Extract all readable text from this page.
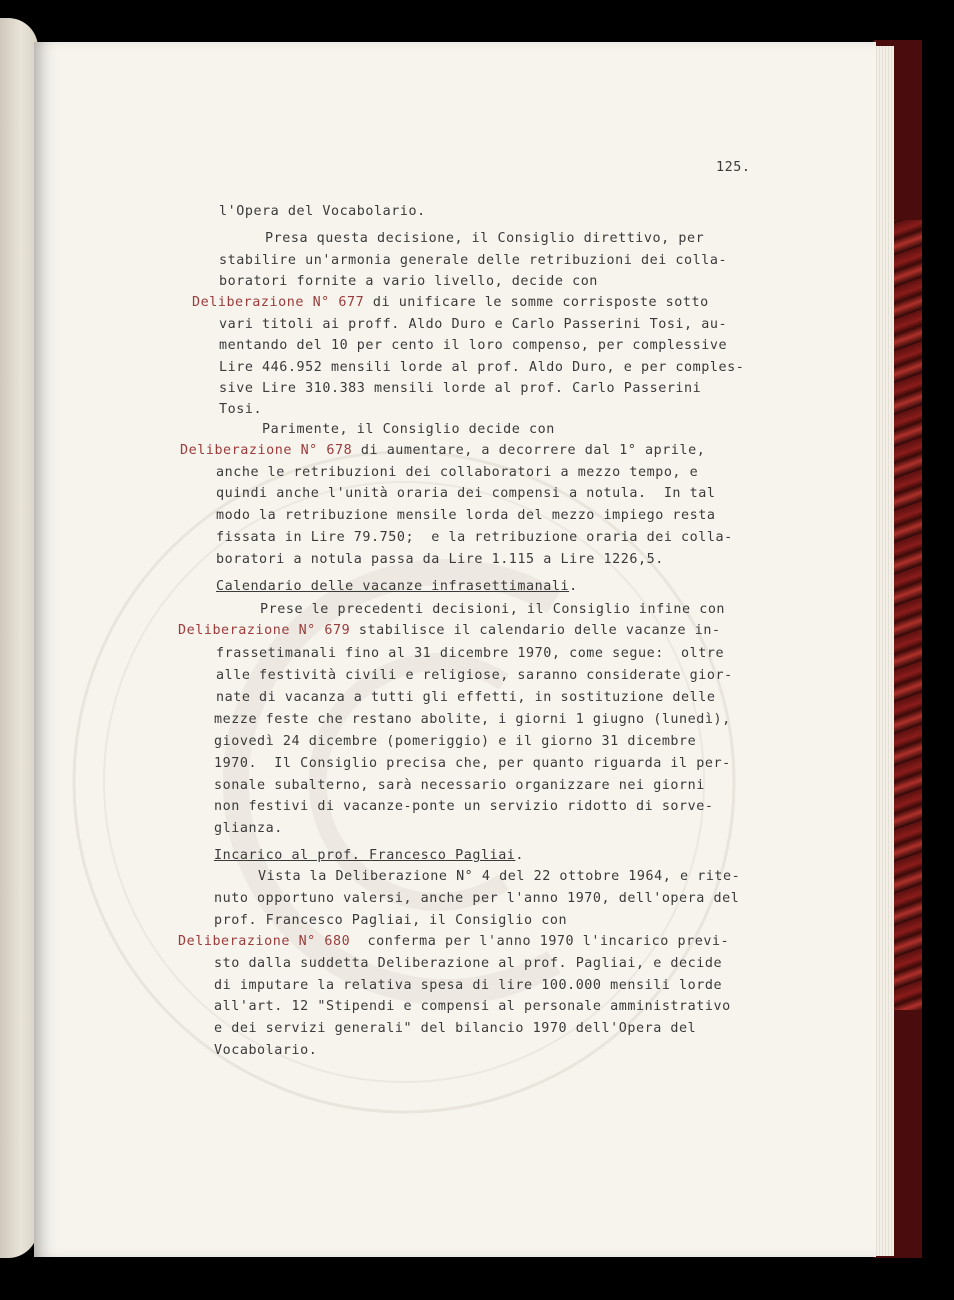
125.
l'Opera del Vocabolario.
Presa questa decisione, il Consiglio direttivo, per
stabilire un'armonia generale delle retribuzioni dei colla-
boratori fornite a vario livello, decide con
Deliberazione N° 677 di unificare le somme corrisposte sotto
vari titoli ai proff. Aldo Duro e Carlo Passerini Tosi, au-
mentando del 10 per cento il loro compenso, per complessive
Lire 446.952 mensili lorde al prof. Aldo Duro, e per comples-
sive Lire 310.383 mensili lorde al prof. Carlo Passerini
Tosi.
Parimente, il Consiglio decide con
Deliberazione N° 678 di aumentare, a decorrere dal 1° aprile,
anche le retribuzioni dei collaboratori a mezzo tempo, e
quindi anche l'unità oraria dei compensi a notula.  In tal
modo la retribuzione mensile lorda del mezzo impiego resta
fissata in Lire 79.750;  e la retribuzione oraria dei colla-
boratori a notula passa da Lire 1.115 a Lire 1226,5.
Calendario delle vacanze infrasettimanali.
Prese le precedenti decisioni, il Consiglio infine con
Deliberazione N° 679 stabilisce il calendario delle vacanze in-
frassetimanali fino al 31 dicembre 1970, come segue:  oltre
alle festività civili e religiose, saranno considerate gior-
nate di vacanza a tutti gli effetti, in sostituzione delle
mezze feste che restano abolite, i giorni 1 giugno (lunedì),
giovedì 24 dicembre (pomeriggio) e il giorno 31 dicembre
1970.  Il Consiglio precisa che, per quanto riguarda il per-
sonale subalterno, sarà necessario organizzare nei giorni
non festivi di vacanze-ponte un servizio ridotto di sorve-
glianza.
Incarico al prof. Francesco Pagliai.
Vista la Deliberazione N° 4 del 22 ottobre 1964, e rite-
nuto opportuno valersi, anche per l'anno 1970, dell'opera del
prof. Francesco Pagliai, il Consiglio con
Deliberazione N° 680  conferma per l'anno 1970 l'incarico previ-
sto dalla suddetta Deliberazione al prof. Pagliai, e decide
di imputare la relativa spesa di lire 100.000 mensili lorde
all'art. 12 "Stipendi e compensi al personale amministrativo
e dei servizi generali" del bilancio 1970 dell'Opera del
Vocabolario.
